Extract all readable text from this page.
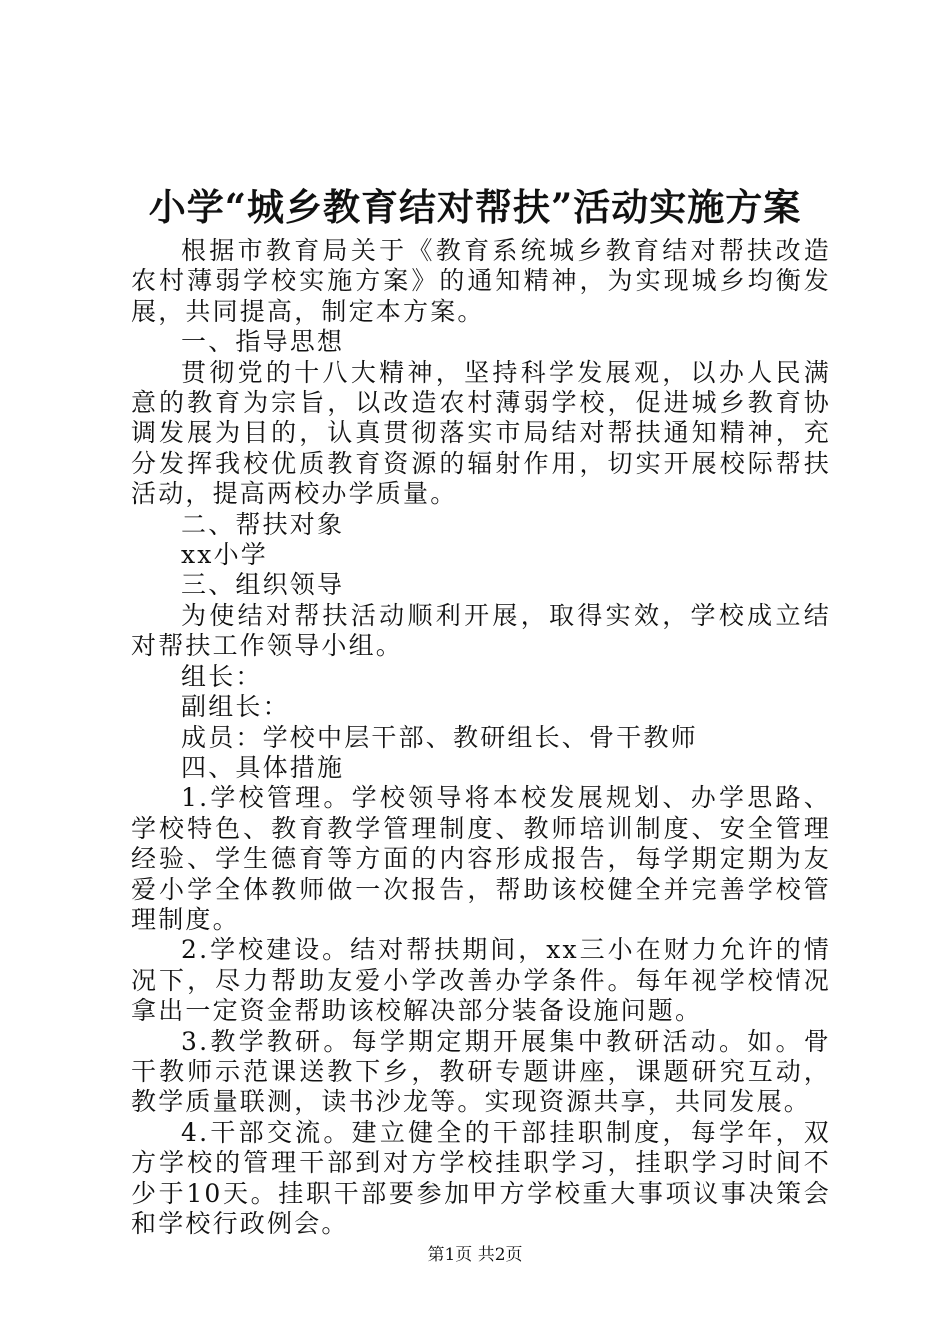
小学“城乡教育结对帮扶”活动实施方案

根据市教育局关于《教育系统城乡教育结对帮扶改造农村薄弱学校实施方案》的通知精神，为实现城乡均衡发展，共同提高，制定本方案。

一、指导思想

贯彻党的十八大精神，坚持科学发展观，以办人民满意的教育为宗旨，以改造农村薄弱学校，促进城乡教育协调发展为目的，认真贯彻落实市局结对帮扶通知精神，充分发挥我校优质教育资源的辐射作用，切实开展校际帮扶活动，提高两校办学质量。

二、帮扶对象

xx小学

三、组织领导

为使结对帮扶活动顺利开展，取得实效，学校成立结对帮扶工作领导小组。

组长：

副组长：

成员：学校中层干部、教研组长、骨干教师

四、具体措施

1.学校管理。学校领导将本校发展规划、办学思路、学校特色、教育教学管理制度、教师培训制度、安全管理经验、学生德育等方面的内容形成报告，每学期定期为友爱小学全体教师做一次报告，帮助该校健全并完善学校管理制度。

2.学校建设。结对帮扶期间，xx三小在财力允许的情况下，尽力帮助友爱小学改善办学条件。每年视学校情况拿出一定资金帮助该校解决部分装备设施问题。

3.教学教研。每学期定期开展集中教研活动。如。骨干教师示范课送教下乡，教研专题讲座，课题研究互动，教学质量联测，读书沙龙等。实现资源共享，共同发展。

4.干部交流。建立健全的干部挂职制度，每学年，双方学校的管理干部到对方学校挂职学习，挂职学习时间不少于10天。挂职干部要参加甲方学校重大事项议事决策会和学校行政例会。

第1页 共2页
